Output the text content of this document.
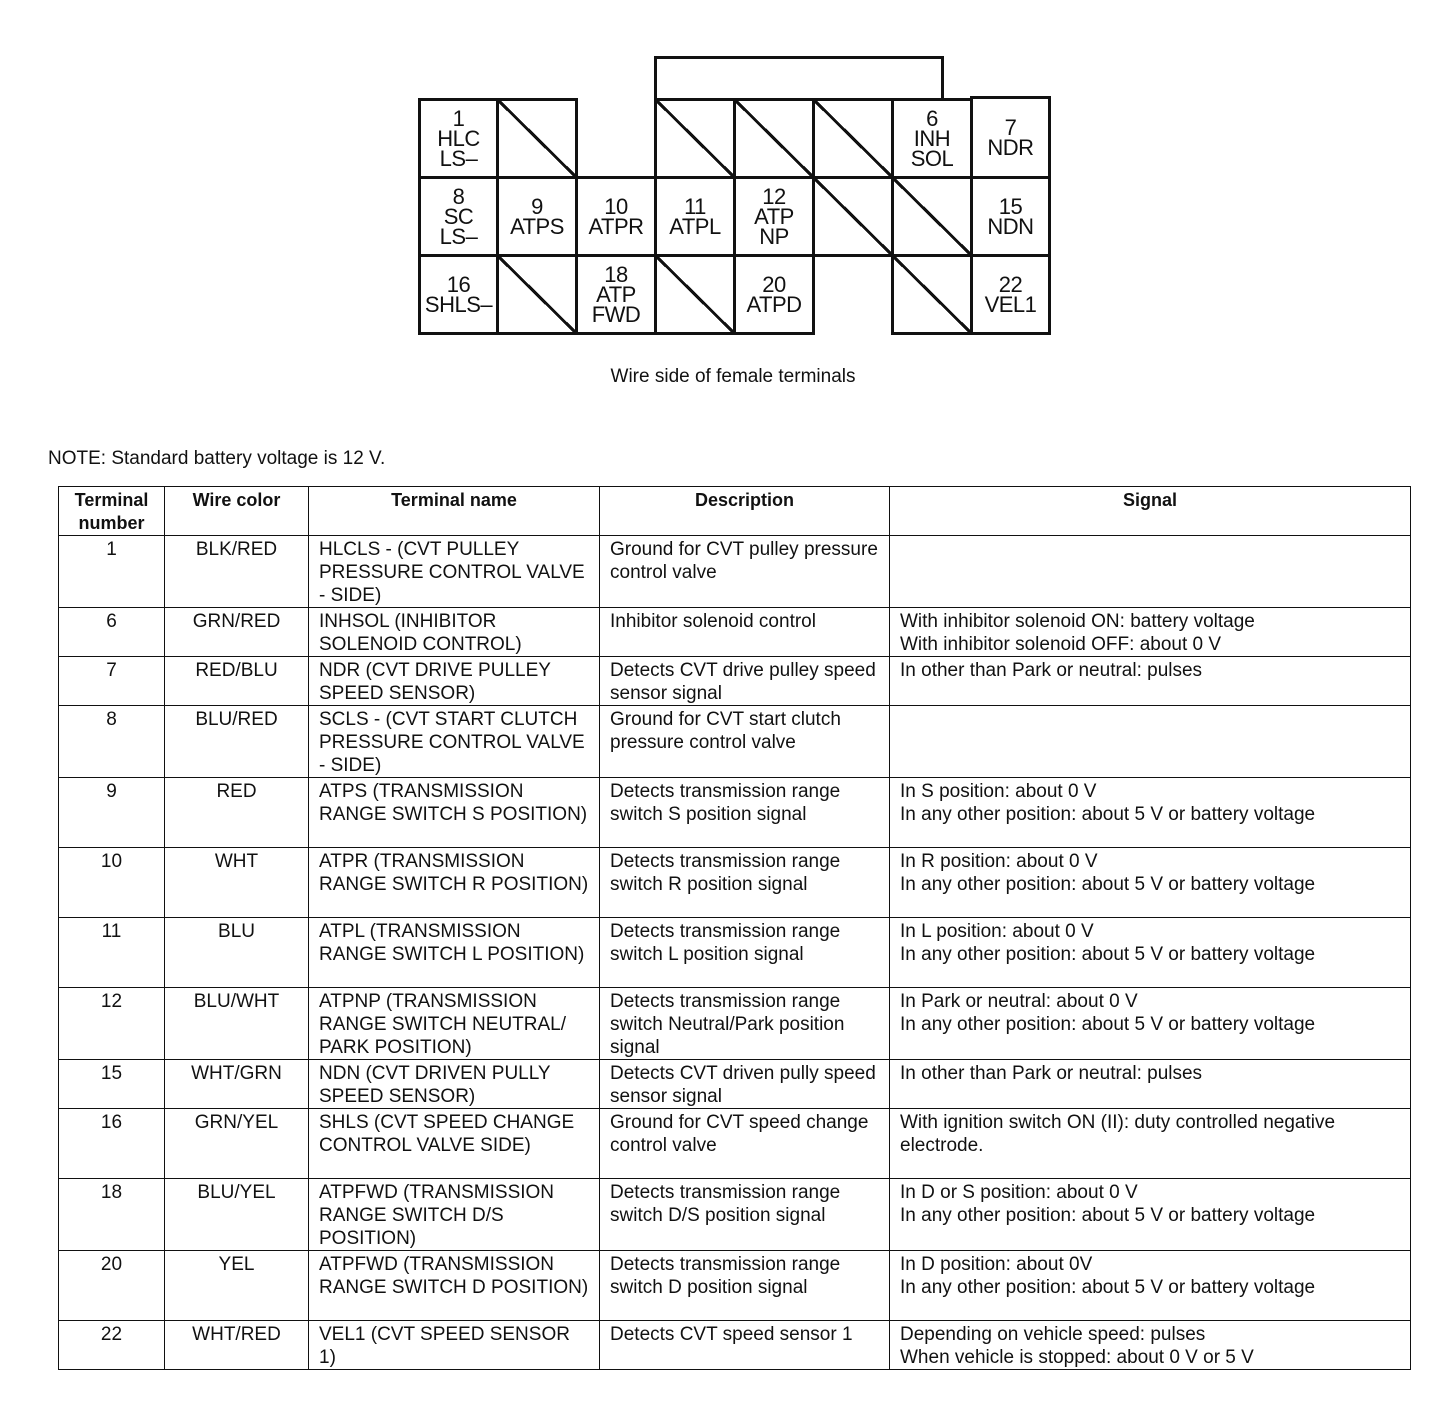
1
HLC
LS–
6
INH
SOL
7
NDR
8
SC
LS–
9
ATPS
10
ATPR
11
ATPL
12
ATP
NP
15
NDN
16
SHLS–
18
ATP
FWD
20
ATPD
22
VEL1
Wire side of female terminals
NOTE: Standard battery voltage is 12 V.
Terminal number	Wire color	Terminal name	Description	Signal
1	BLK/RED	HLCLS - (CVT PULLEY PRESSURE CONTROL VALVE - SIDE)	Ground for CVT pulley pressure control valve	
6	GRN/RED	INHSOL (INHIBITOR SOLENOID CONTROL)	Inhibitor solenoid control	With inhibitor solenoid ON: battery voltage
With inhibitor solenoid OFF: about 0 V

7	RED/BLU	NDR (CVT DRIVE PULLEY SPEED SENSOR)	Detects CVT drive pulley speed sensor signal	In other than Park or neutral: pulses

8	BLU/RED	SCLS - (CVT START CLUTCH PRESSURE CONTROL VALVE - SIDE)	Ground for CVT start clutch pressure control valve	
9	RED	ATPS (TRANSMISSION RANGE SWITCH S POSITION)	Detects transmission range switch S position signal	In S position: about 0 V
In any other position: about 5 V or battery voltage

10	WHT	ATPR (TRANSMISSION RANGE SWITCH R POSITION)	Detects transmission range switch R position signal	In R position: about 0 V
In any other position: about 5 V or battery voltage

11	BLU	ATPL (TRANSMISSION RANGE SWITCH L POSITION)	Detects transmission range switch L position signal	In L position: about 0 V
In any other position: about 5 V or battery voltage

12	BLU/WHT	ATPNP (TRANSMISSION RANGE SWITCH NEUTRAL/ PARK POSITION)	Detects transmission range switch Neutral/Park position signal	In Park or neutral: about 0 V
In any other position: about 5 V or battery voltage

15	WHT/GRN	NDN (CVT DRIVEN PULLY SPEED SENSOR)	Detects CVT driven pully speed sensor signal	In other than Park or neutral: pulses

16	GRN/YEL	SHLS (CVT SPEED CHANGE CONTROL VALVE SIDE)	Ground for CVT speed change control valve	With ignition switch ON (II): duty controlled negative electrode.

18	BLU/YEL	ATPFWD (TRANSMISSION RANGE SWITCH D/S POSITION)	Detects transmission range switch D/S position signal	In D or S position: about 0 V
In any other position: about 5 V or battery voltage

20	YEL	ATPFWD (TRANSMISSION RANGE SWITCH D POSITION)	Detects transmission range switch D position signal	In D position: about 0V
In any other position: about 5 V or battery voltage

22	WHT/RED	VEL1 (CVT SPEED SENSOR 1)	Detects CVT speed sensor 1	Depending on vehicle speed: pulses
When vehicle is stopped: about 0 V or 5 V
